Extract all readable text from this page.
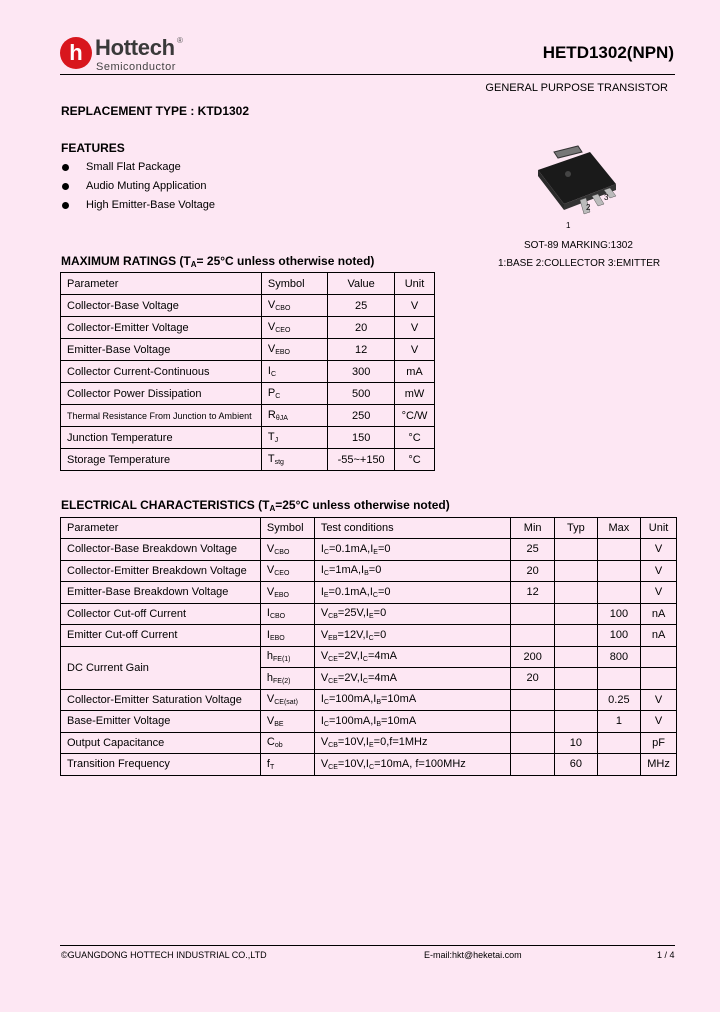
h Hottech ®
Semiconductor
HETD1302(NPN)
GENERAL PURPOSE TRANSISTOR
REPLACEMENT TYPE : KTD1302
FEATURES
Small Flat Package
Audio Muting Application
High Emitter-Base Voltage
1
2
3
SOT-89 MARKING:1302
1:BASE 2:COLLECTOR 3:EMITTER
MAXIMUM RATINGS ($T_A= 25^\circ C$ unless otherwise noted)
Parameter	Symbol	Value	Unit
Collector-Base Voltage	$V_{CBO}$	25	V
Collector-Emitter Voltage	$V_{CEO}$	20	V
Emitter-Base Voltage	$V_{EBO}$	12	V
Collector Current-Continuous	$I_C$	300	mA
Collector Power Dissipation	$P_C$	500	mW
Thermal Resistance From Junction to Ambient	$R_{\theta JA}$	250	°C/W
Junction Temperature	$T_J$	150	°C
Storage Temperature	$T_{stg}$	-55~+150	°C
ELECTRICAL CHARACTERISTICS ($T_A=25^\circ C$ unless otherwise noted)
Parameter	Symbol	Test conditions	Min	Typ	Max	Unit
Collector-Base Breakdown Voltage	$V_{CBO}$	$I_C=0.1mA,I_E=0$	25			V
Collector-Emitter Breakdown Voltage	$V_{CEO}$	$I_C=1mA,I_B=0$	20			V
Emitter-Base Breakdown Voltage	$V_{EBO}$	$I_E=0.1mA,I_C=0$	12			V
Collector Cut-off Current	$I_{CBO}$	$V_{CB}=25V,I_E=0$			100	nA
Emitter Cut-off Current	$I_{EBO}$	$V_{EB}=12V,I_C=0$			100	nA
DC Current Gain	$h_{FE(1)}$	$V_{CE}=2V,I_C=4mA$	200		800	
	$h_{FE(2)}$	$V_{CE}=2V,I_C=4mA$	20			
Collector-Emitter Saturation Voltage	$V_{CE(sat)}$	$I_C=100mA,I_B=10mA$			0.25	V
Base-Emitter Voltage	$V_{BE}$	$I_C=100mA,I_B=10mA$			1	V
Output Capacitance	$C_{ob}$	$V_{CB}=10V,I_E=0,f=1MHz$		10		pF
Transition Frequency	$f_T$	$V_{CE}=10V,I_C=10mA$, f=100MHz		60		MHz
©GUANGDONG HOTTECH INDUSTRIAL CO.,LTD	E-mail:hkt@heketai.com	1 / 4
